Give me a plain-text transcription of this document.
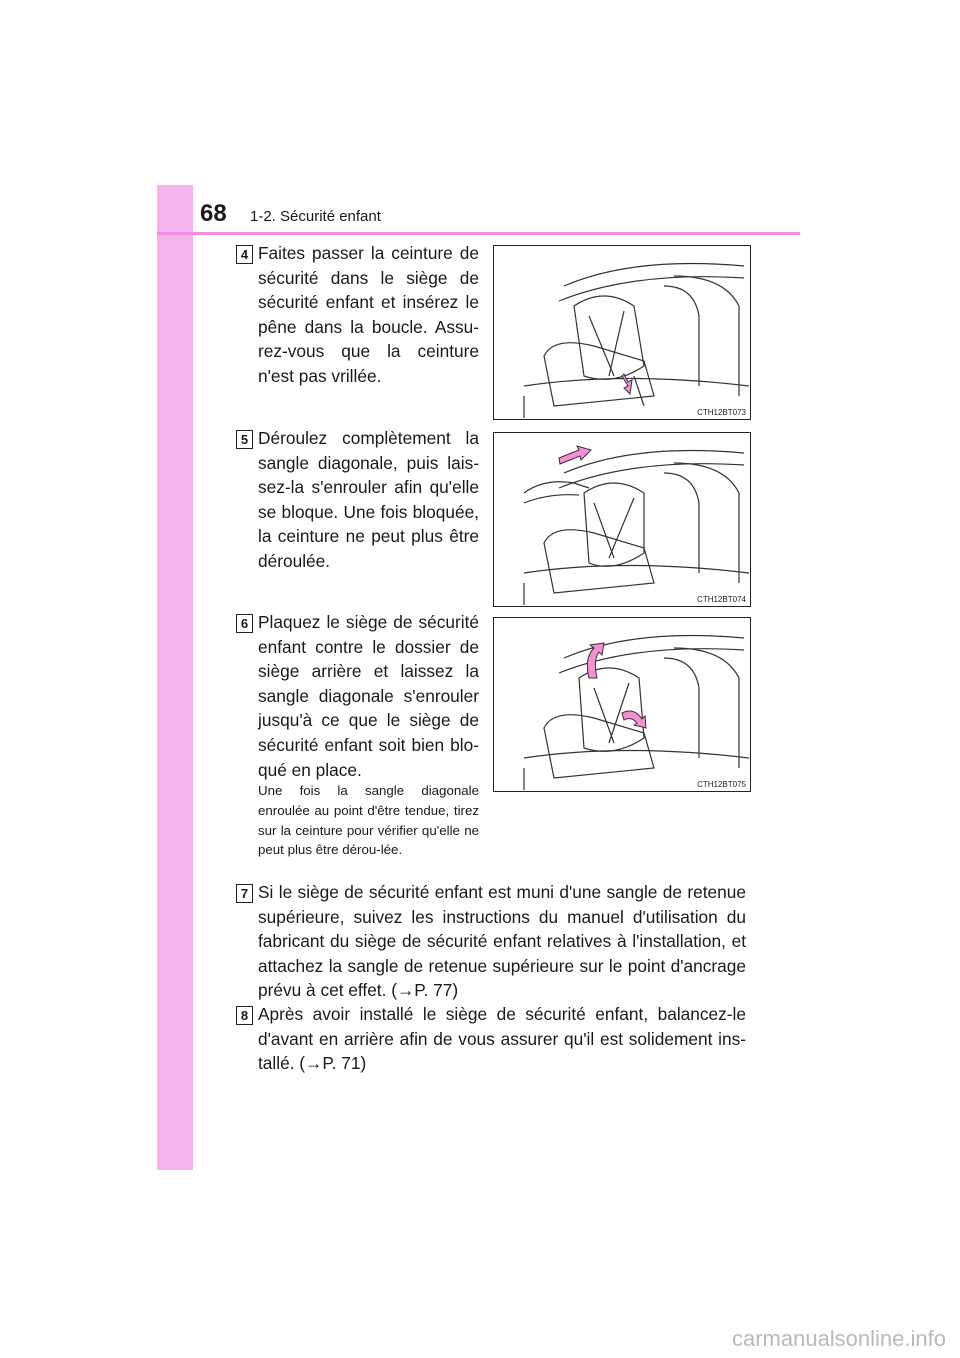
68 1-2. Sécurité enfant
4 Faites passer la ceinture de sécurité dans le siège de sécurité enfant et insérez le pêne dans la boucle. Assu-rez-vous que la ceinture n'est pas vrillée.
CTH12BT073
5 Déroulez complètement la sangle diagonale, puis lais-sez-la s'enrouler afin qu'elle se bloque. Une fois bloquée, la ceinture ne peut plus être déroulée.
CTH12BT074
6 Plaquez le siège de sécurité enfant contre le dossier de siège arrière et laissez la sangle diagonale s'enrouler jusqu'à ce que le siège de sécurité enfant soit bien blo-qué en place.
Une fois la sangle diagonale enroulée au point d'être tendue, tirez sur la ceinture pour vérifier qu'elle ne peut plus être dérou-lée.
CTH12BT075
7 Si le siège de sécurité enfant est muni d'une sangle de retenue supérieure, suivez les instructions du manuel d'utilisation du fabricant du siège de sécurité enfant relatives à l'installation, et attachez la sangle de retenue supérieure sur le point d'ancrage prévu à cet effet. (→P. 77)
8 Après avoir installé le siège de sécurité enfant, balancez-le d'avant en arrière afin de vous assurer qu'il est solidement ins-tallé. (→P. 71)
carmanualsonline.info
